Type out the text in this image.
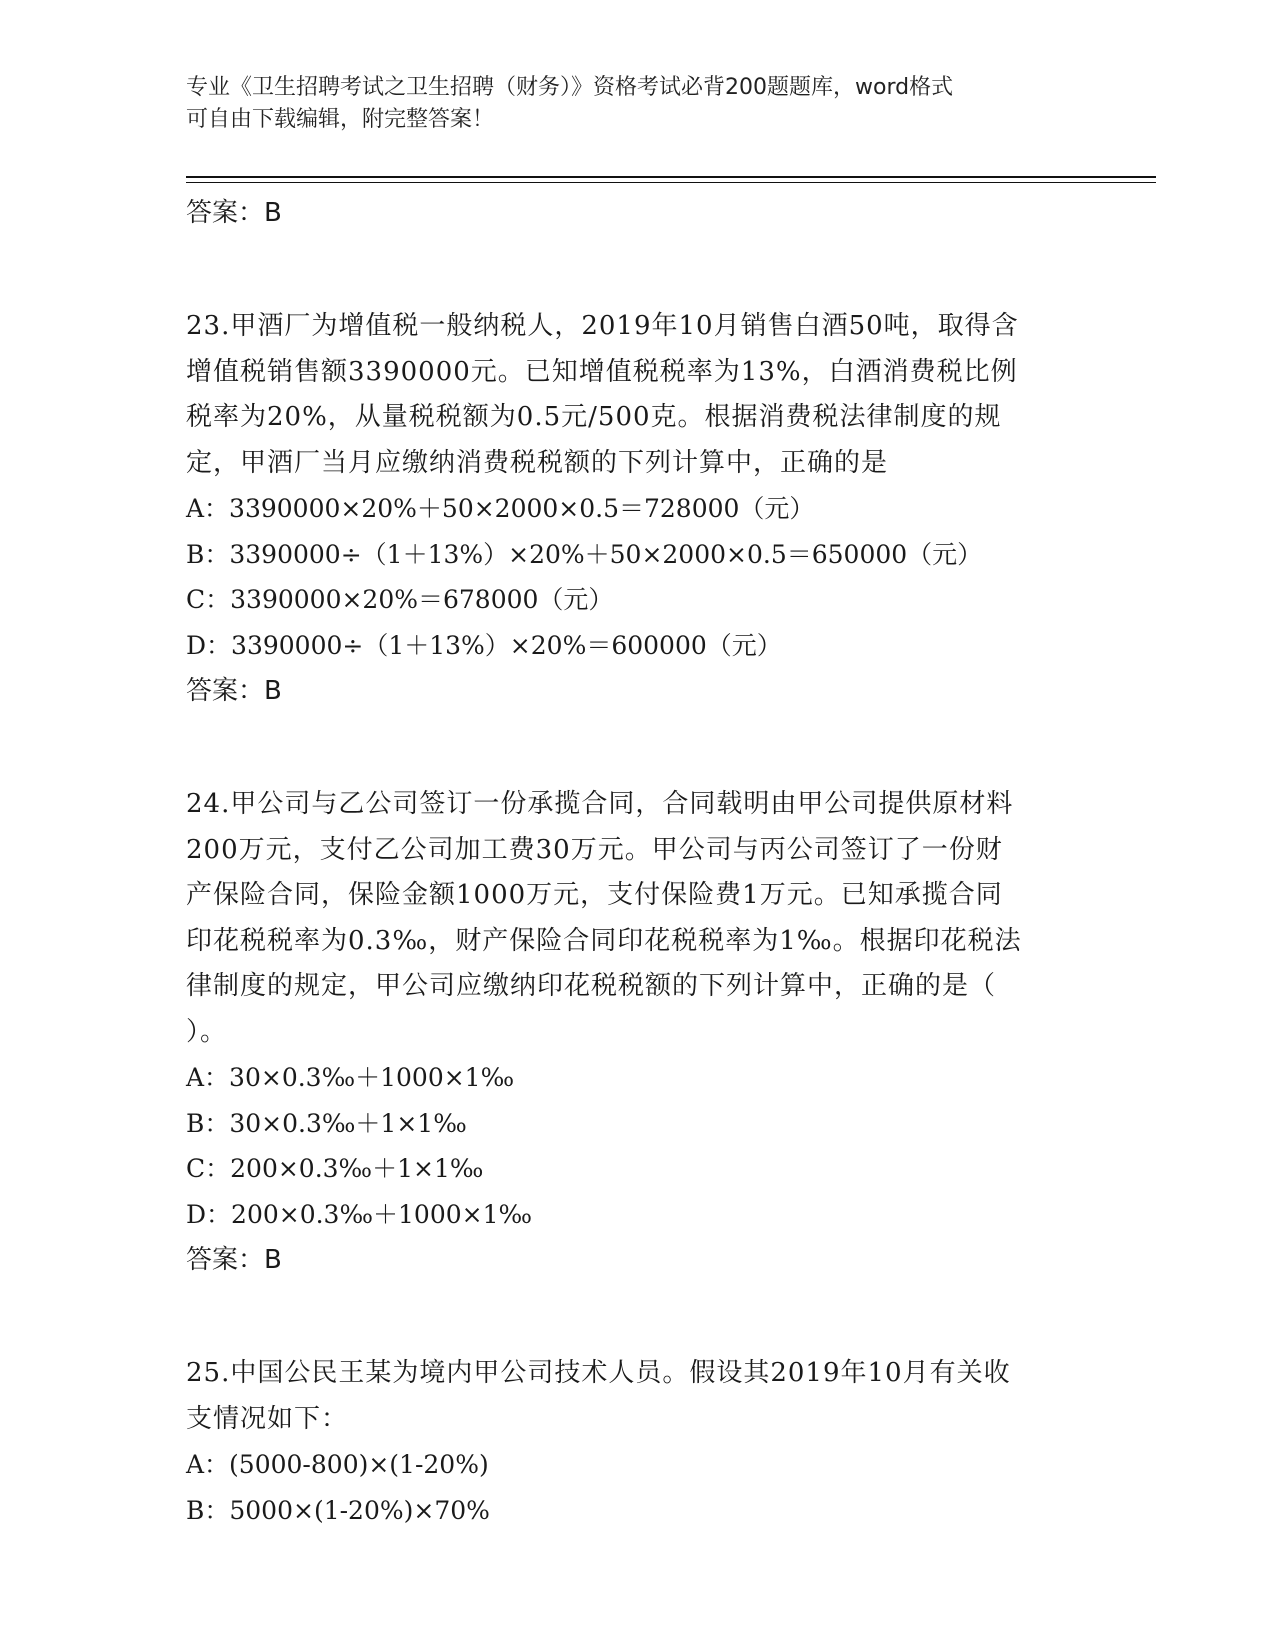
专业《卫生招聘考试之卫生招聘（财务）》资格考试必背200题题库，word格式
可自由下载编辑，附完整答案！
答案：B
23.甲酒厂为增值税一般纳税人，2019年10月销售白酒50吨，取得含
增值税销售额3390000元。已知增值税税率为13%，白酒消费税比例
税率为20%，从量税税额为0.5元/500克。根据消费税法律制度的规
定，甲酒厂当月应缴纳消费税税额的下列计算中，正确的是
A：3390000×20%＋50×2000×0.5＝728000（元）
B：3390000÷（1＋13%）×20%＋50×2000×0.5＝650000（元）
C：3390000×20%＝678000（元）
D：3390000÷（1＋13%）×20%＝600000（元）
答案：B
24.甲公司与乙公司签订一份承揽合同，合同载明由甲公司提供原材料
200万元，支付乙公司加工费30万元。甲公司与丙公司签订了一份财
产保险合同，保险金额1000万元，支付保险费1万元。已知承揽合同
印花税税率为0.3‰，财产保险合同印花税税率为1‰。根据印花税法
律制度的规定，甲公司应缴纳印花税税额的下列计算中，正确的是（
）。
A：30×0.3‰＋1000×1‰
B：30×0.3‰＋1×1‰
C：200×0.3‰＋1×1‰
D：200×0.3‰＋1000×1‰
答案：B
25.中国公民王某为境内甲公司技术人员。假设其2019年10月有关收
支情况如下：
A：(5000-800)×(1-20%)
B：5000×(1-20%)×70%
